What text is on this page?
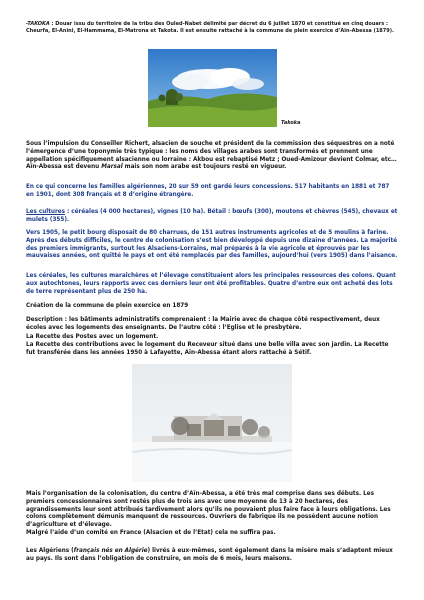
-TAKOKA : Douar issu du territoire de la tribu des Ouled-Nabet délimité par décret du 6 juillet 1870 et constitué en cinq douars : Cheurfa, El-Anini, El-Hammama, El-Matrona et Takota. Il est ensuite rattaché à la commune de plein exercice d’Aïn-Abessa (1879).
Takoka
Sous l’impulsion du Conseiller Richert, alsacien de souche et président de la commission des séquestres on a noté l’émergence d’une toponymie très typique : les noms des villages arabes sont transformés et prennent une appellation spécifiquement alsacienne ou lorraine : Akbou est rebaptisé Metz ; Oued-Amizour devient Colmar, etc… Aïn-Abessa est devenu Marsal mais son nom arabe est toujours resté en vigueur.
En ce qui concerne les familles algériennes, 20 sur 59 ont gardé leurs concessions. 517 habitants en 1881 et 787 en 1901, dont 308 français et 8 d’origine étrangère.
Les cultures : céréales (4 000 hectares), vignes (10 ha). Bétail : bœufs (300), moutons et chèvres (545), chevaux et mulets (355).
Vers 1905, le petit bourg disposait de 80 charrues, de 151 autres instruments agricoles et de 5 moulins à farine. Après des débuts difficiles, le centre de colonisation s’est bien développé depuis une dizaine d’années. La majorité des premiers immigrants, surtout les Alsaciens-Lorrains, mal préparés à la vie agricole et éprouvés par les mauvaises années, ont quitté le pays et ont été remplacés par des familles, aujourd’hui (vers 1905) dans l’aisance.
Les céréales, les cultures maraîchères et l’élevage constituaient alors les principales ressources des colons. Quant aux autochtones, leurs rapports avec ces derniers leur ont été profitables. Quatre d’entre eux ont acheté des lots de terre représentant plus de 250 ha.
Création de la commune de plein exercice en 1879
Description : les bâtiments administratifs comprenaient : la Mairie avec de chaque côté respectivement, deux écoles avec les logements des enseignants. De l’autre côté : l’Eglise et le presbytère.
La Recette des Postes avec un logement.
La Recette des contributions avec le logement du Receveur situé dans une belle villa avec son jardin. La Recette fut transférée dans les années 1950 à Lafayette, Aïn-Abessa étant alors rattaché à Sétif.
Mais l’organisation de la colonisation, du centre d’Aïn-Abessa, a été très mal comprise dans ses débuts. Les premiers concessionnaires sont restés plus de trois ans avec une moyenne de 13 à 20 hectares, des agrandissements leur sont attribués tardivement alors qu’ils ne pouvaient plus faire face à leurs obligations. Les colons complètement démunis manquent de ressources. Ouvriers de fabrique ils ne possèdent aucune notion d’agriculture et d’élevage.
Malgré l’aide d’un comité en France (Alsacien et de l’Etat) cela ne suffira pas.
Les Algériens (français nés en Algérie) livrés à eux-mêmes, sont également dans la misère mais s’adaptent mieux au pays. Ils sont dans l’obligation de construire, en mois de 6 mois, leurs maisons.
